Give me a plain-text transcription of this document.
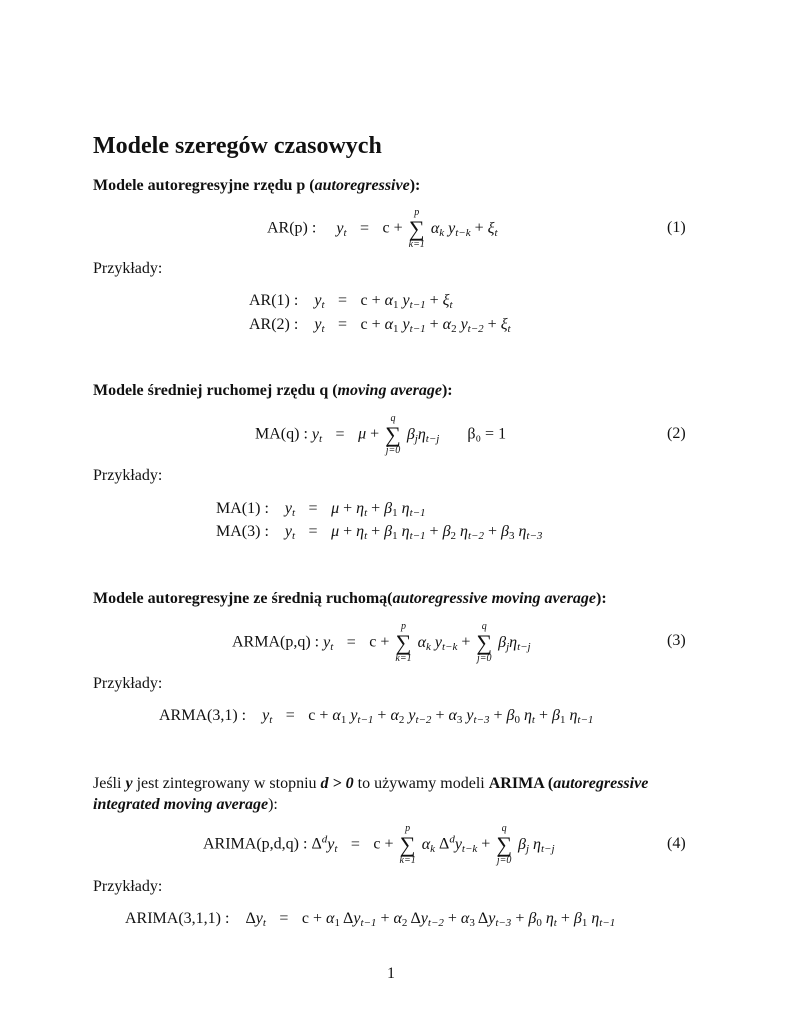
Modele szeregów czasowych
Modele autoregresyjne rzędu p (autoregressive):
AR(p) : $y_t = c$ +
p
∑
k=1
$\alpha_k$ $y_{t-k} + \xi_t$	(1)
Przykłady:
AR(1) : $y_t = c + \alpha_1$ $y_{t-1} + \xi_t$
AR(2) : $y_t = c + \alpha_1$ $y_{t-1} + \alpha_2$ $y_{t-2} + \xi_t$
Modele średniej ruchomej rzędu q (moving average):
MA(q) : $y_t = \mu$ +
q
∑
j=0
$\beta_j\eta_{t-j}$ β₀ = 1	(2)
Przykłady:
MA(1) : $y_t = \mu + \eta_t + \beta_1$ $\eta_{t-1}$
MA(3) : $y_t = \mu + \eta_t + \beta_1$ $\eta_{t-1} + \beta_2$ $\eta_{t-2} + \beta_3$ $\eta_{t-3}$
Modele autoregresyjne ze średnią ruchomą(autoregressive moving average):
ARMA(p,q) : $y_t = c$ +
p
∑
k=1
$\alpha_k$ $y_{t-k}$ +
q
∑
j=0
$\beta_j\eta_{t-j}$	(3)
Przykłady:
ARMA(3,1) : $y_t = c + \alpha_1$ $y_{t-1} + \alpha_2$ $y_{t-2} + \alpha_3$ $y_{t-3} + \beta_0$ $\eta_t + \beta_1$ $\eta_{t-1}$
Jeśli y jest zintegrowany w stopniu d > 0 to używamy modeli ARIMA (autoregressive integrated moving average):
ARIMA(p,d,q) : $\Delta^dy_t = c$ +
p
∑
k=1
$\alpha_k$ $\Delta^dy_{t-k}$ +
q
∑
j=0
$\beta_j$ $\eta_{t-j}$	(4)
Przykłady:
ARIMA(3,1,1) :    $\Delta y_t = c + \alpha_1$ $\Delta y_{t-1} + \alpha_2$ $\Delta y_{t-2} + \alpha_3$ $\Delta y_{t-3} + \beta_0$ $\eta_t + \beta_1$ $\eta_{t-1}$
1
